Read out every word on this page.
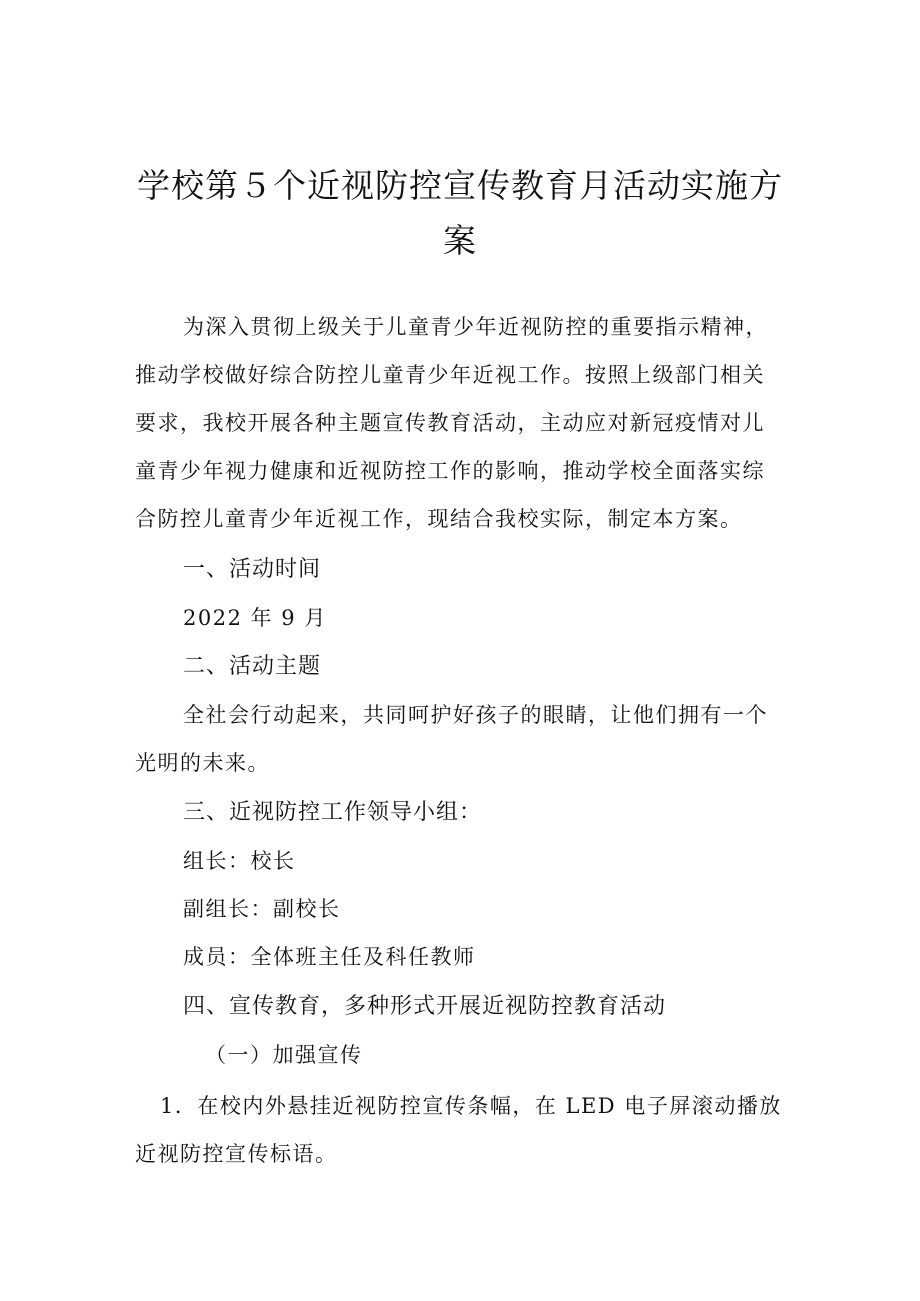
学校第５个近视防控宣传教育月活动实施方
案

为深入贯彻上级关于儿童青少年近视防控的重要指示精神，

推动学校做好综合防控儿童青少年近视工作。按照上级部门相关

要求，我校开展各种主题宣传教育活动，主动应对新冠疫情对儿

童青少年视力健康和近视防控工作的影响，推动学校全面落实综

合防控儿童青少年近视工作，现结合我校实际，制定本方案。

一、活动时间

2022 年 9 月

二、活动主题

全社会行动起来，共同呵护好孩子的眼睛，让他们拥有一个

光明的未来。

三、近视防控工作领导小组：

组长：校长

副组长：副校长

成员：全体班主任及科任教师

四、宣传教育，多种形式开展近视防控教育活动

（一）加强宣传

1．在校内外悬挂近视防控宣传条幅，在 LED 电子屏滚动播放

近视防控宣传标语。
